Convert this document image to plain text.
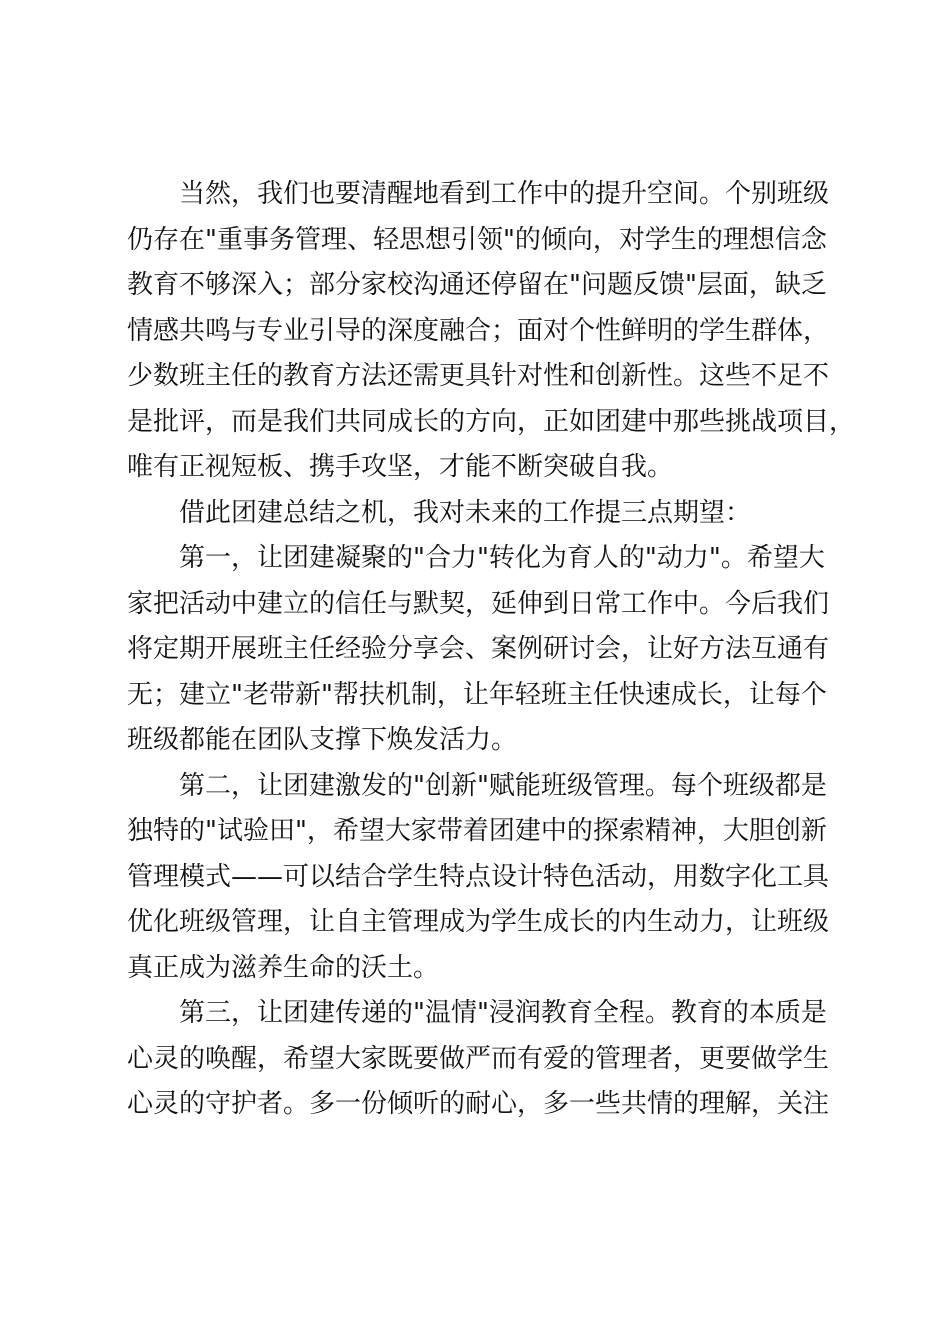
当然，我们也要清醒地看到工作中的提升空间。个别班级
仍存在"重事务管理、轻思想引领"的倾向，对学生的理想信念
教育不够深入；部分家校沟通还停留在"问题反馈"层面，缺乏
情感共鸣与专业引导的深度融合；面对个性鲜明的学生群体，
少数班主任的教育方法还需更具针对性和创新性。这些不足不
是批评，而是我们共同成长的方向，正如团建中那些挑战项目，
唯有正视短板、携手攻坚，才能不断突破自我。
借此团建总结之机，我对未来的工作提三点期望：
第一，让团建凝聚的"合力"转化为育人的"动力"。希望大
家把活动中建立的信任与默契，延伸到日常工作中。今后我们
将定期开展班主任经验分享会、案例研讨会，让好方法互通有
无；建立"老带新"帮扶机制，让年轻班主任快速成长，让每个
班级都能在团队支撑下焕发活力。
第二，让团建激发的"创新"赋能班级管理。每个班级都是
独特的"试验田"，希望大家带着团建中的探索精神，大胆创新
管理模式——可以结合学生特点设计特色活动，用数字化工具
优化班级管理，让自主管理成为学生成长的内生动力，让班级
真正成为滋养生命的沃土。
第三，让团建传递的"温情"浸润教育全程。教育的本质是
心灵的唤醒，希望大家既要做严而有爱的管理者，更要做学生
心灵的守护者。多一份倾听的耐心，多一些共情的理解，关注
